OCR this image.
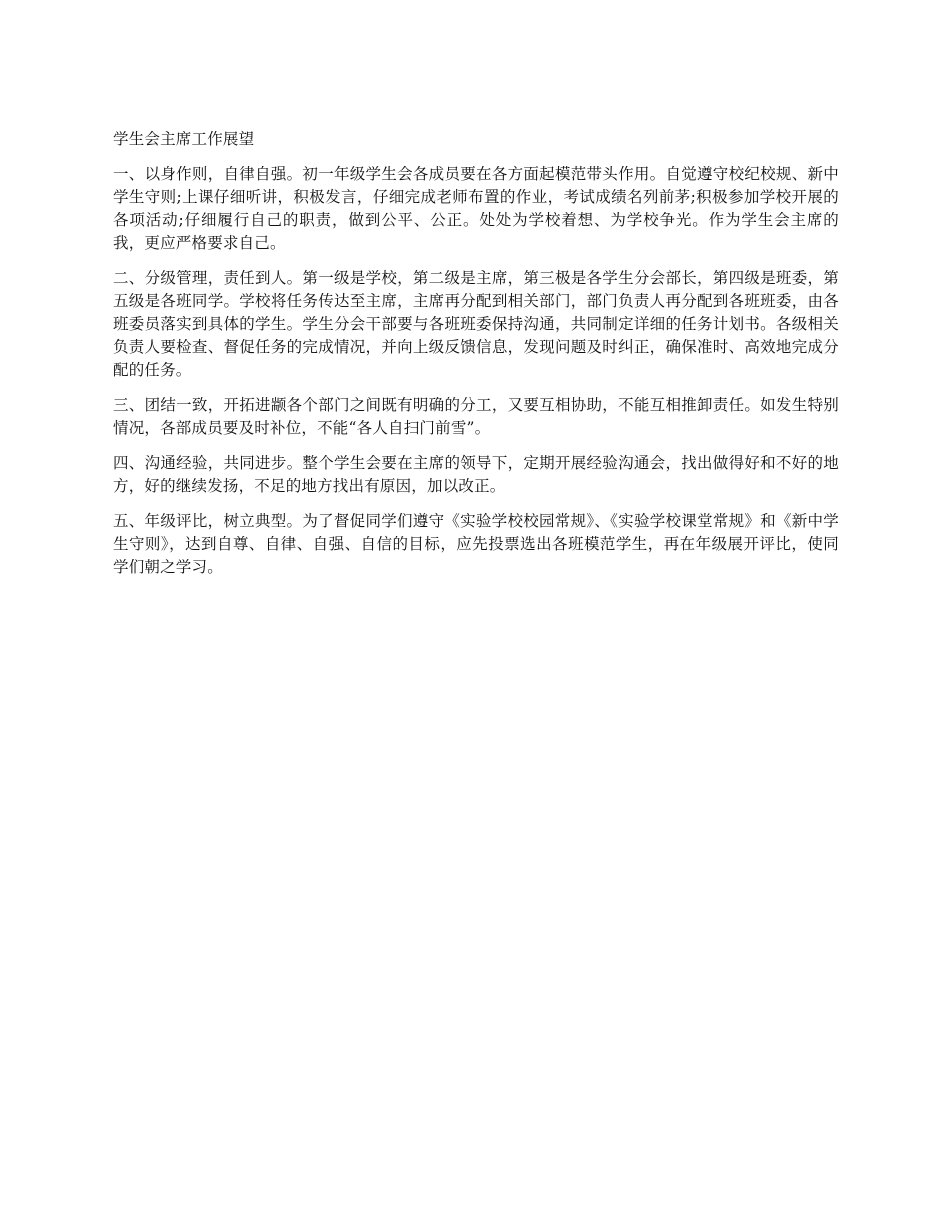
学生会主席工作展望

一、以身作则，自律自强。初一年级学生会各成员要在各方面起模范带头作用。自觉遵守校纪校规、新中学生守则;上课仔细听讲，积极发言，仔细完成老师布置的作业，考试成绩名列前茅;积极参加学校开展的各项活动;仔细履行自己的职责，做到公平、公正。处处为学校着想、为学校争光。作为学生会主席的我，更应严格要求自己。

二、分级管理，责任到人。第一级是学校，第二级是主席，第三极是各学生分会部长，第四级是班委，第五级是各班同学。学校将任务传达至主席，主席再分配到相关部门，部门负责人再分配到各班班委，由各班委员落实到具体的学生。学生分会干部要与各班班委保持沟通，共同制定详细的任务计划书。各级相关负责人要检查、督促任务的完成情况，并向上级反馈信息，发现问题及时纠正，确保准时、高效地完成分配的任务。

三、团结一致，开拓进颛各个部门之间既有明确的分工，又要互相协助，不能互相推卸责任。如发生特别情况，各部成员要及时补位，不能“各人自扫门前雪”。

四、沟通经验，共同进步。整个学生会要在主席的领导下，定期开展经验沟通会，找出做得好和不好的地方，好的继续发扬，不足的地方找出有原因，加以改正。

五、年级评比，树立典型。为了督促同学们遵守《实验学校校园常规》、《实验学校课堂常规》和《新中学生守则》，达到自尊、自律、自强、自信的目标，应先投票选出各班模范学生，再在年级展开评比，使同学们朝之学习。
